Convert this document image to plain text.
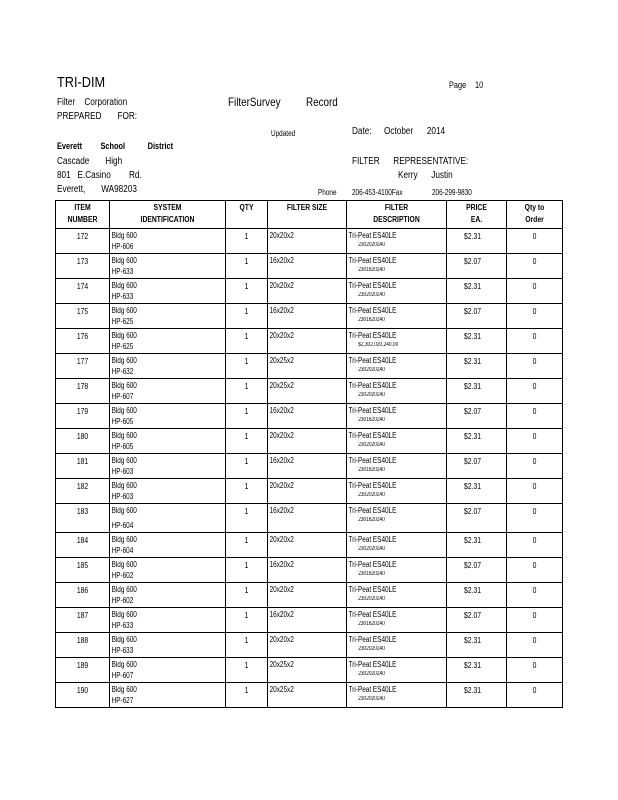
TRI-DIM	Page 10
Filter    Corporation	FilterSurvey Record
PREPARED       FOR:
Updated	Date: October      2014
Everett         School           District
Cascade       High
801   E.Casino        Rd.
Everett,       WA98203
FILTER      REPRESENTATIVE:
Kerry      Justin
Phone 206-453-4100Fax	206-299-9830
ITEM
NUMBER	SYSTEM
IDENTIFICATION	QTY	FILTER SIZE	FILTER
DESCRIPTION	PRICE
EA.	Qty to
Order

172	Bldg 600
HP-606	1	20x20x2	Tri-Peat ES40LE
2302020240	$2.31	0

173	Bldg 600
HP-633	1	16x20x2	Tri-Peat ES40LE
2301620240	$2.07	0

174	Bldg 600
HP-633	1	20x20x2	Tri-Peat ES40LE
2302020240	$2.31	0

175	Bldg 600
HP-625	1	16x20x2	Tri-Peat ES40LE
2301620240	$2.07	0

176	Bldg 600
HP-625	1	20x20x2	Tri-Peat ES40LE
$2,302,020,240.00	$2.31	0

177	Bldg 600
HP-632	1	20x25x2	Tri-Peat ES40LE
2302020240	$2.31	0

178	Bldg 600
HP-607	1	20x25x2	Tri-Peat ES40LE
2302020240	$2.31	0

179	Bldg 600
HP-605	1	16x20x2	Tri-Peat ES40LE
2301620240	$2.07	0

180	Bldg 600
HP-605	1	20x20x2	Tri-Peat ES40LE
2302020240	$2.31	0

181	Bldg 600
HP-603	1	16x20x2	Tri-Peat ES40LE
2301620240	$2.07	0

182	Bldg 600
HP-603	1	20x20x2	Tri-Peat ES40LE
2302020240	$2.31	0

183	Bldg 600
HP-604	1	16x20x2	Tri-Peat ES40LE
2301620240	$2.07	0

184	Bldg 600
HP-604	1	20x20x2	Tri-Peat ES40LE
2302020240	$2.31	0

185	Bldg 600
HP-602	1	16x20x2	Tri-Peat ES40LE
2301620240	$2.07	0

186	Bldg 600
HP-602	1	20x20x2	Tri-Peat ES40LE
2302020240	$2.31	0

187	Bldg 600
HP-633	1	16x20x2	Tri-Peat ES40LE
2301620240	$2.07	0

188	Bldg 600
HP-633	1	20x20x2	Tri-Peat ES40LE
2302020240	$2.31	0

189	Bldg 600
HP-607	1	20x25x2	Tri-Peat ES40LE
2302020240	$2.31	0

190	Bldg 600
HP-627	1	20x25x2	Tri-Peat ES40LE
2302020240	$2.31	0
